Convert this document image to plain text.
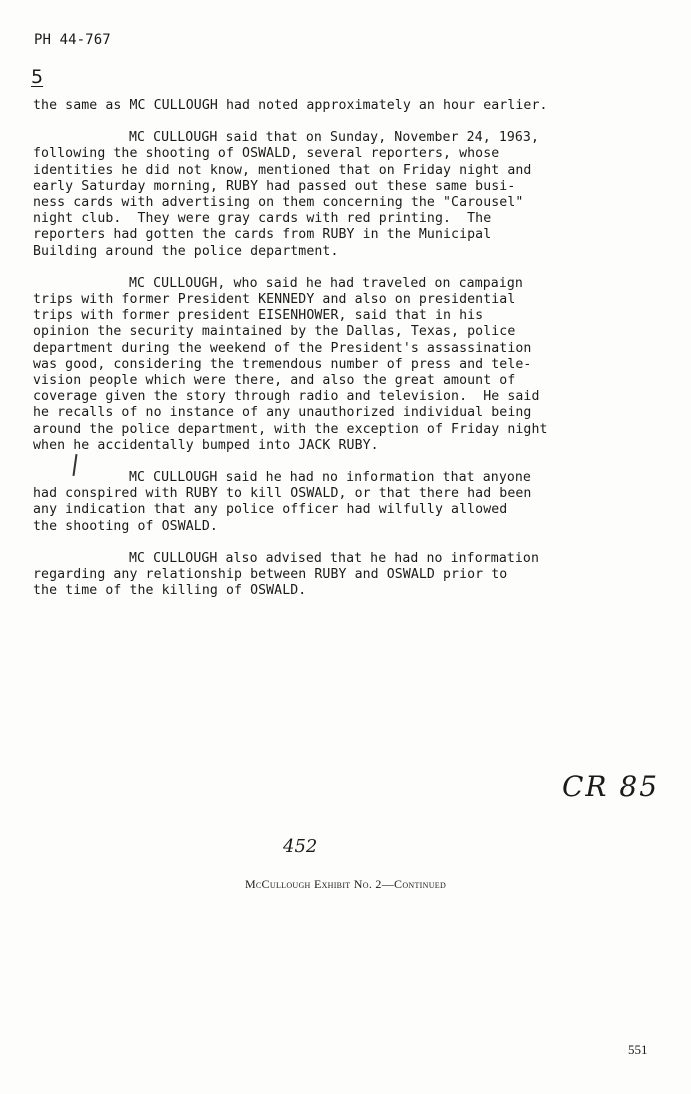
PH 44-767
5
the same as MC CULLOUGH had noted approximately an hour earlier.
MC CULLOUGH said that on Sunday, November 24, 1963,
following the shooting of OSWALD, several reporters, whose
identities he did not know, mentioned that on Friday night and
early Saturday morning, RUBY had passed out these same busi-
ness cards with advertising on them concerning the "Carousel"
night club.  They were gray cards with red printing.  The
reporters had gotten the cards from RUBY in the Municipal
Building around the police department.
MC CULLOUGH, who said he had traveled on campaign
trips with former President KENNEDY and also on presidential
trips with former president EISENHOWER, said that in his
opinion the security maintained by the Dallas, Texas, police
department during the weekend of the President's assassination
was good, considering the tremendous number of press and tele-
vision people which were there, and also the great amount of
coverage given the story through radio and television.  He said
he recalls of no instance of any unauthorized individual being
around the police department, with the exception of Friday night
when he accidentally bumped into JACK RUBY.
MC CULLOUGH said he had no information that anyone
had conspired with RUBY to kill OSWALD, or that there had been
any indication that any police officer had wilfully allowed
the shooting of OSWALD.
MC CULLOUGH also advised that he had no information
regarding any relationship between RUBY and OSWALD prior to
the time of the killing of OSWALD.
CR 85
452
McCullough Exhibit No. 2—Continued
551
